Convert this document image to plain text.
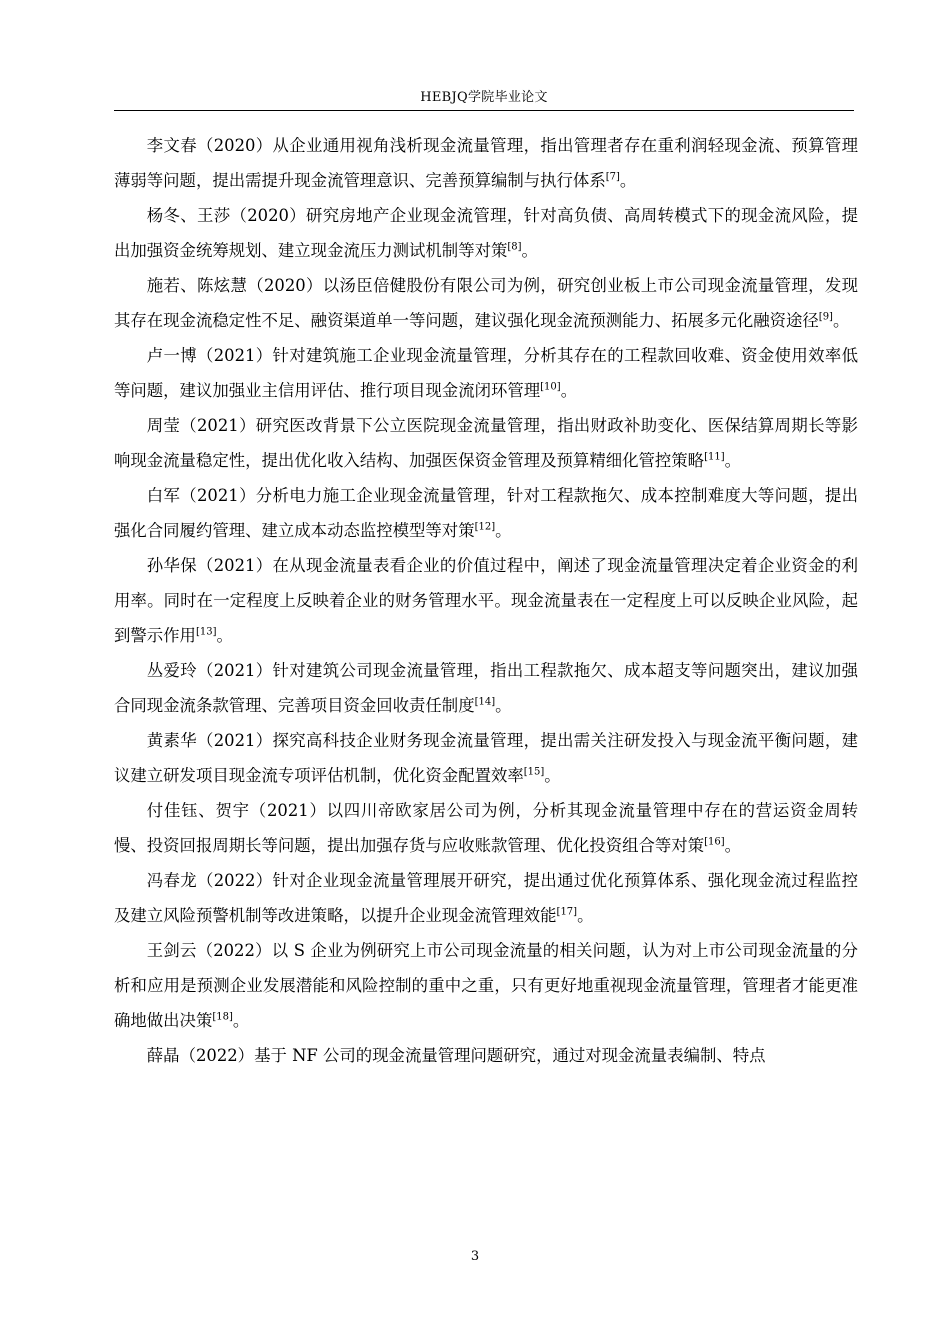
HEBJQ学院毕业论文

李文春（2020）从企业通用视角浅析现金流量管理，指出管理者存在重利润轻现金流、预算管理薄弱等问题，提出需提升现金流管理意识、完善预算编制与执行体系[7]。

杨冬、王莎（2020）研究房地产企业现金流管理，针对高负债、高周转模式下的现金流风险，提出加强资金统筹规划、建立现金流压力测试机制等对策[8]。

施若、陈炫慧（2020）以汤臣倍健股份有限公司为例，研究创业板上市公司现金流量管理，发现其存在现金流稳定性不足、融资渠道单一等问题，建议强化现金流预测能力、拓展多元化融资途径[9]。

卢一博（2021）针对建筑施工企业现金流量管理，分析其存在的工程款回收难、资金使用效率低等问题，建议加强业主信用评估、推行项目现金流闭环管理[10]。

周莹（2021）研究医改背景下公立医院现金流量管理，指出财政补助变化、医保结算周期长等影响现金流量稳定性，提出优化收入结构、加强医保资金管理及预算精细化管控策略[11]。

白军（2021）分析电力施工企业现金流量管理，针对工程款拖欠、成本控制难度大等问题，提出强化合同履约管理、建立成本动态监控模型等对策[12]。

孙华保（2021）在从现金流量表看企业的价值过程中，阐述了现金流量管理决定着企业资金的利用率。同时在一定程度上反映着企业的财务管理水平。现金流量表在一定程度上可以反映企业风险，起到警示作用[13]。

丛爱玲（2021）针对建筑公司现金流量管理，指出工程款拖欠、成本超支等问题突出，建议加强合同现金流条款管理、完善项目资金回收责任制度[14]。

黄素华（2021）探究高科技企业财务现金流量管理，提出需关注研发投入与现金流平衡问题，建议建立研发项目现金流专项评估机制，优化资金配置效率[15]。

付佳钰、贺宇（2021）以四川帝欧家居公司为例，分析其现金流量管理中存在的营运资金周转慢、投资回报周期长等问题，提出加强存货与应收账款管理、优化投资组合等对策[16]。

冯春龙（2022）针对企业现金流量管理展开研究，提出通过优化预算体系、强化现金流过程监控及建立风险预警机制等改进策略，以提升企业现金流管理效能[17]。

王剑云（2022）以 S 企业为例研究上市公司现金流量的相关问题，认为对上市公司现金流量的分析和应用是预测企业发展潜能和风险控制的重中之重，只有更好地重视现金流量管理，管理者才能更准确地做出决策[18]。

薛晶（2022）基于 NF 公司的现金流量管理问题研究，通过对现金流量表编制、特点

3
